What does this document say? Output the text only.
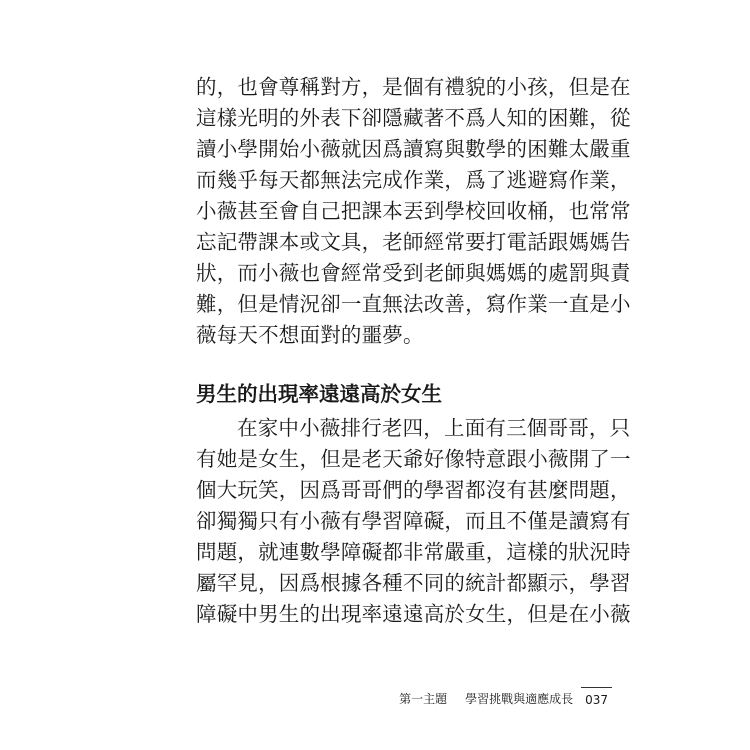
的，也會尊稱對方，是個有禮貌的小孩，但是在
這樣光明的外表下卻隱藏著不爲人知的困難，從
讀小學開始小薇就因爲讀寫與數學的困難太嚴重
而幾乎每天都無法完成作業，爲了逃避寫作業，
小薇甚至會自己把課本丟到學校回收桶，也常常
忘記帶課本或文具，老師經常要打電話跟媽媽告
狀，而小薇也會經常受到老師與媽媽的處罰與責
難，但是情況卻一直無法改善，寫作業一直是小
薇每天不想面對的噩夢。
男生的出現率遠遠高於女生
在家中小薇排行老四，上面有三個哥哥，只
有她是女生，但是老天爺好像特意跟小薇開了一
個大玩笑，因爲哥哥們的學習都沒有甚麼問題，
卻獨獨只有小薇有學習障礙，而且不僅是讀寫有
問題，就連數學障礙都非常嚴重，這樣的狀況時
屬罕見，因爲根據各種不同的統計都顯示，學習
障礙中男生的出現率遠遠高於女生，但是在小薇
第一主題 學習挑戰與適應成長 037
